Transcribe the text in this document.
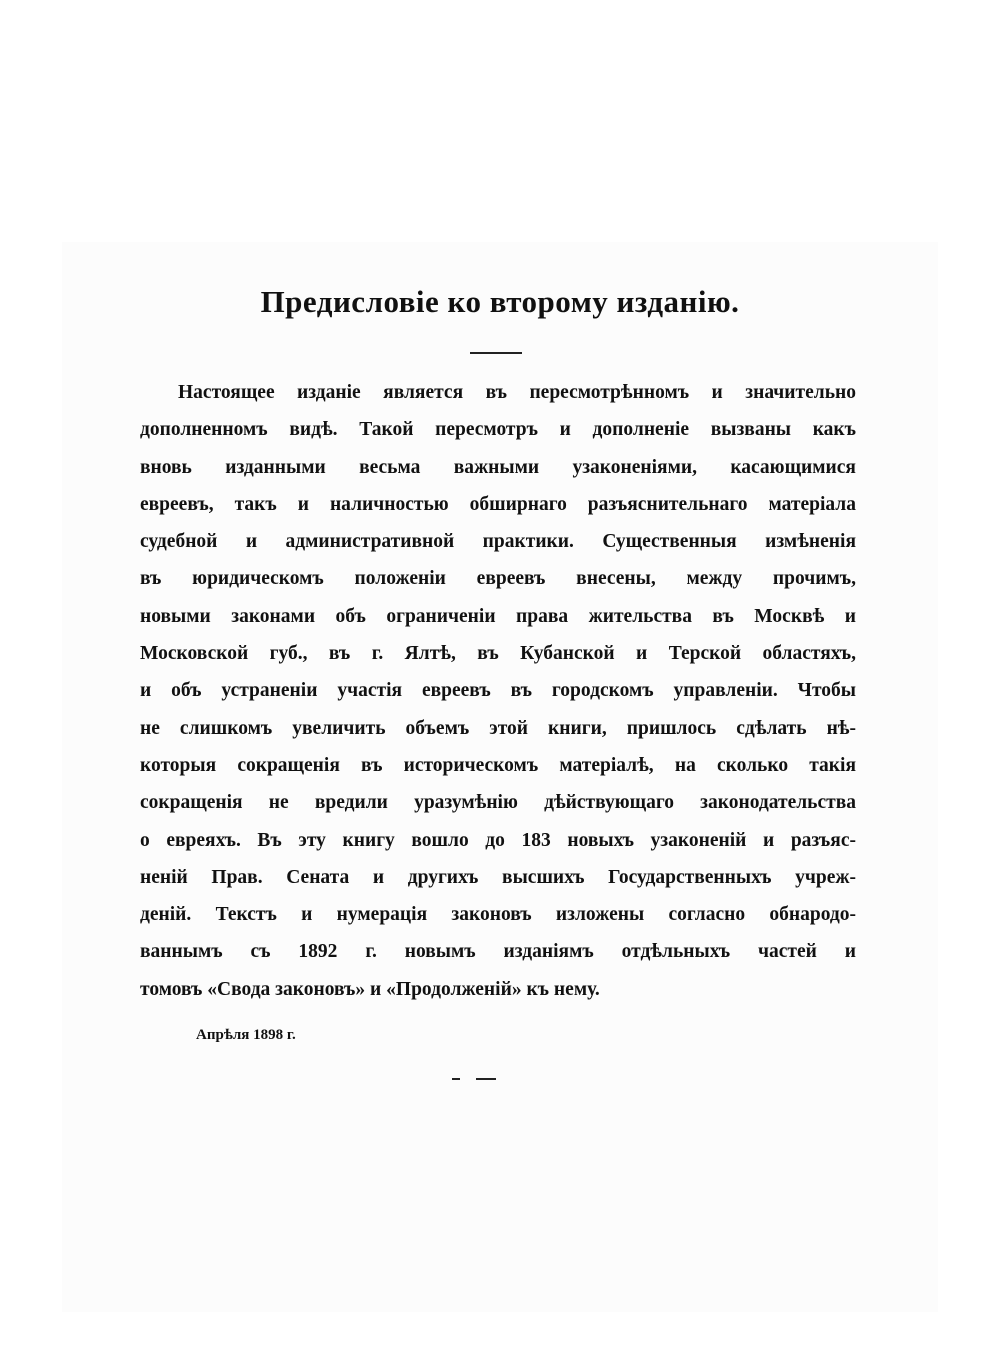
Предисловіе ко второму изданію.
Настоящее изданіе является въ пересмотрѣнномъ и значительно
дополненномъ видѣ. Такой пересмотръ и дополненіе вызваны какъ
вновь изданными весьма важными узаконеніями, касающимися
евреевъ, такъ и наличностью обширнаго разъяснительнаго матеріала
судебной и административной практики. Существенныя измѣненія
въ юридическомъ положеніи евреевъ внесены, между прочимъ,
новыми законами объ ограниченіи права жительства въ Москвѣ и
Московской губ., въ г. Ялтѣ, въ Кубанской и Терской областяхъ,
и объ устраненіи участія евреевъ въ городскомъ управленіи. Чтобы
не слишкомъ увеличить объемъ этой книги, пришлось сдѣлать нѣ-
которыя сокращенія въ историческомъ матеріалѣ, на сколько такія
сокращенія не вредили уразумѣнію дѣйствующаго законодательства
о евреяхъ. Въ эту книгу вошло до 183 новыхъ узаконеній и разъяс-
неній Прав. Сената и другихъ высшихъ Государственныхъ учреж-
деній. Текстъ и нумерація законовъ изложены согласно обнародо-
ваннымъ съ 1892 г. новымъ изданіямъ отдѣльныхъ частей и
томовъ «Свода законовъ» и «Продолженій» къ нему.
Апрѣля 1898 г.
